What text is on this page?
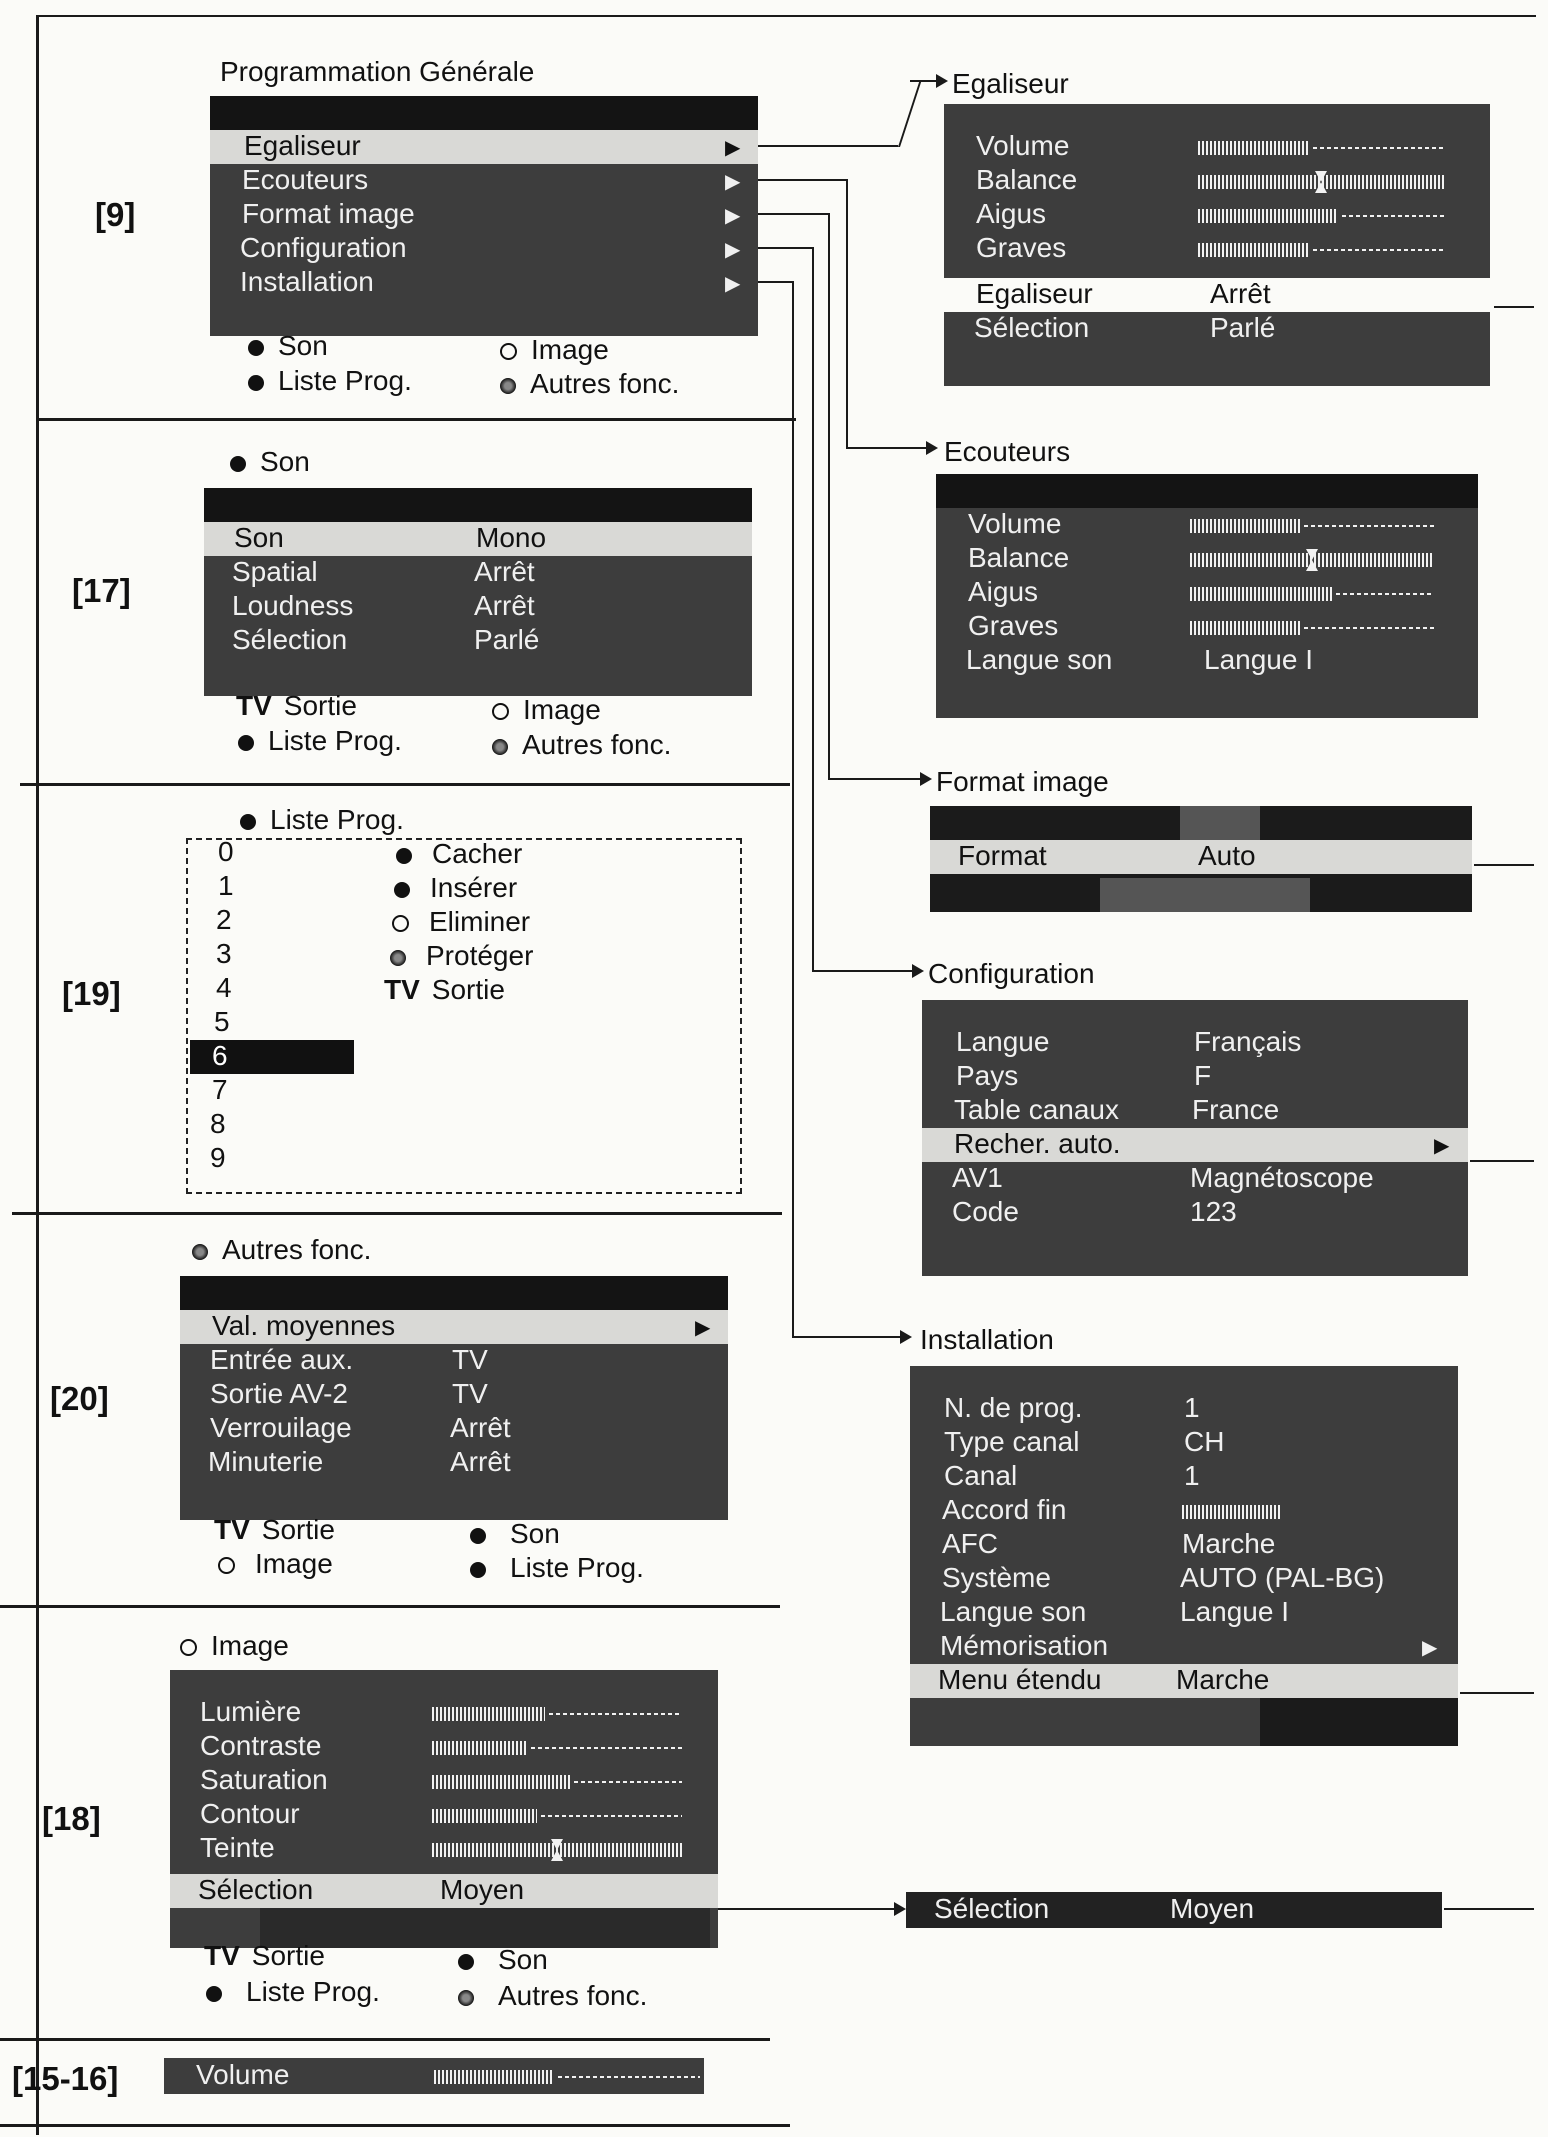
[9]
[17]
[19]
[20]
[18]
[15-16]
Programmation Générale
Egaliseur	▶
Ecouteurs	▶
Format image	▶
Configuration	▶
Installation	▶
Son	Image
Liste Prog.	Autres fonc.
Son
Son	Mono
Spatial	Arrêt
Loudness	Arrêt
Sélection	Parlé
TV Sortie	Image
Liste Prog.	Autres fonc.
Liste Prog.
0
1
2
3
4
5
6
7
8
9
Cacher
Insérer
Eliminer
Protéger
TV Sortie
Autres fonc.
Val. moyennes	▶
Entrée aux.	TV
Sortie AV-2	TV
Verrouilage	Arrêt
Minuterie	Arrêt
TV Sortie	Son
Image	Liste Prog.
Image
Lumière
Contraste
Saturation
Contour
Teinte
Sélection	Moyen
TV Sortie	Son
Liste Prog.	Autres fonc.
Volume
Egaliseur
Volume
Balance
Aigus
Graves
Egaliseur	Arrêt
Sélection	Parlé
Ecouteurs
Volume
Balance
Aigus
Graves
Langue son	Langue I
Format image
Format	Auto
Configuration
Langue	Français
Pays	F
Table canaux	France
Recher. auto.	▶
AV1	Magnétoscope
Code	123
Installation
N. de prog.	1
Type canal	CH
Canal	1
Accord fin
AFC	Marche
Système	AUTO (PAL-BG)
Langue son	Langue I
Mémorisation	▶
Menu étendu	Marche
Sélection	Moyen
